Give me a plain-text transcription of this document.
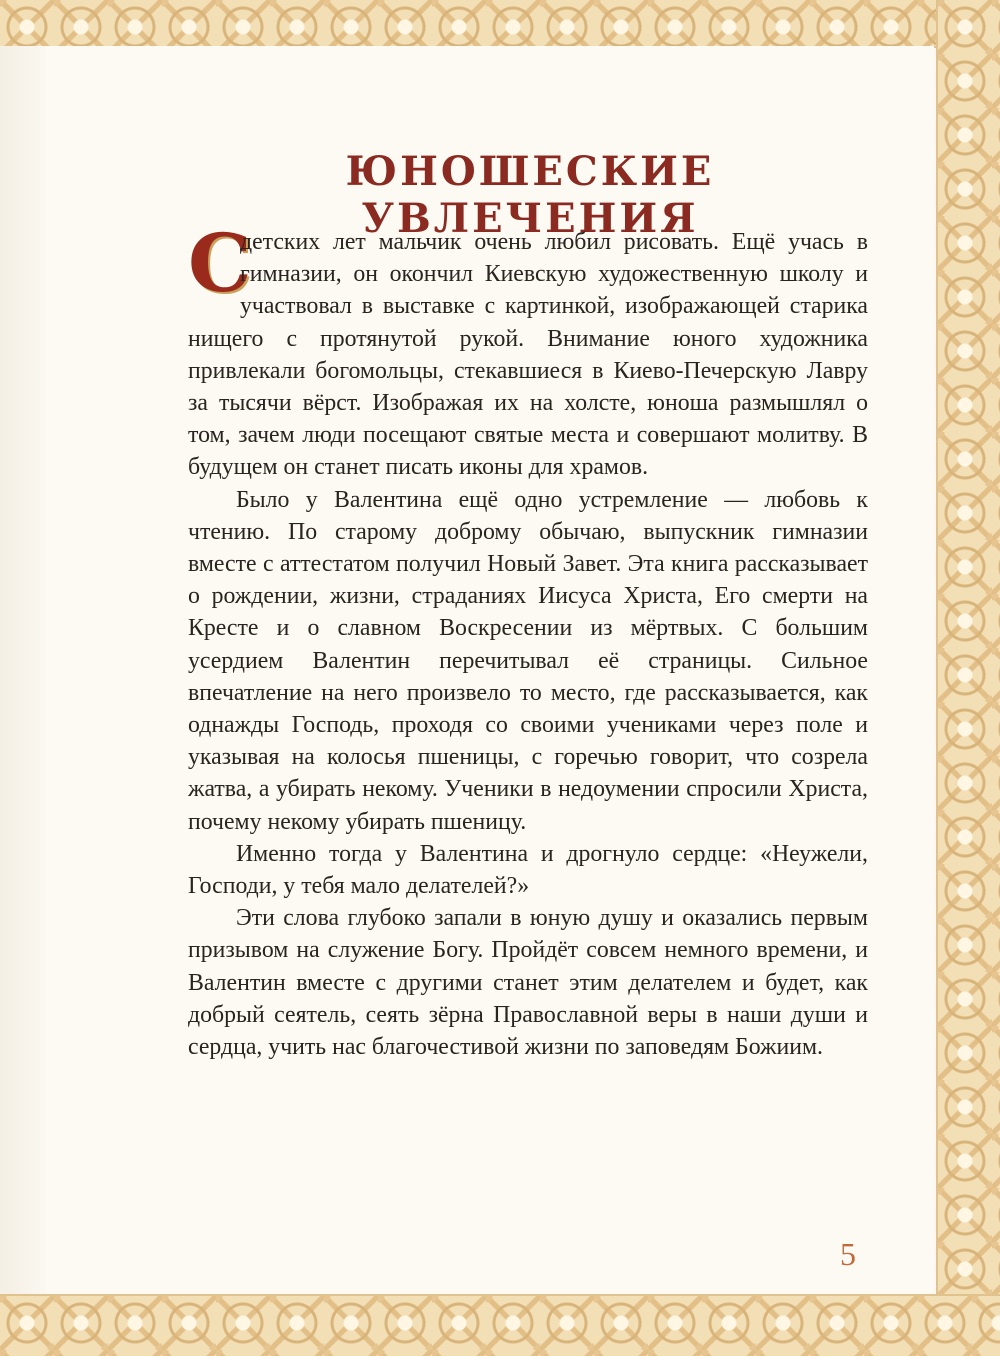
ЮНОШЕСКИЕ УВЛЕЧЕНИЯ

С
детских лет мальчик очень любил рисовать. Ещё учась в гимназии, он окончил Киевскую художественную школу и участвовал в выставке с картинкой, изображающей старика нищего с протянутой рукой. Внимание юного художника привлекали богомольцы, стекавшиеся в Киево-Печерскую Лавру за тысячи вёрст. Изображая их на холсте, юноша размышлял о том, зачем люди посещают святые места и совершают молитву. В будущем он станет писать иконы для храмов.

Было у Валентина ещё одно устремление — любовь к чтению. По старому доброму обычаю, выпускник гимназии вместе с аттестатом получил Новый Завет. Эта книга рассказывает о рождении, жизни, страданиях Иисуса Христа, Его смерти на Кресте и о славном Воскресении из мёртвых. С большим усердием Валентин перечитывал её страницы. Сильное впечатление на него произвело то место, где рассказывается, как однажды Господь, проходя со своими учениками через поле и указывая на колосья пшеницы, с горечью говорит, что созрела жатва, а убирать некому. Ученики в недоумении спросили Христа, почему некому убирать пшеницу.

Именно тогда у Валентина и дрогнуло сердце: «Неужели, Господи, у тебя мало делателей?»

Эти слова глубоко запали в юную душу и оказались первым призывом на служение Богу. Пройдёт совсем немного времени, и Валентин вместе с другими станет этим делателем и будет, как добрый сеятель, сеять зёрна Православной веры в наши души и сердца, учить нас благочестивой жизни по заповедям Божиим.

5
